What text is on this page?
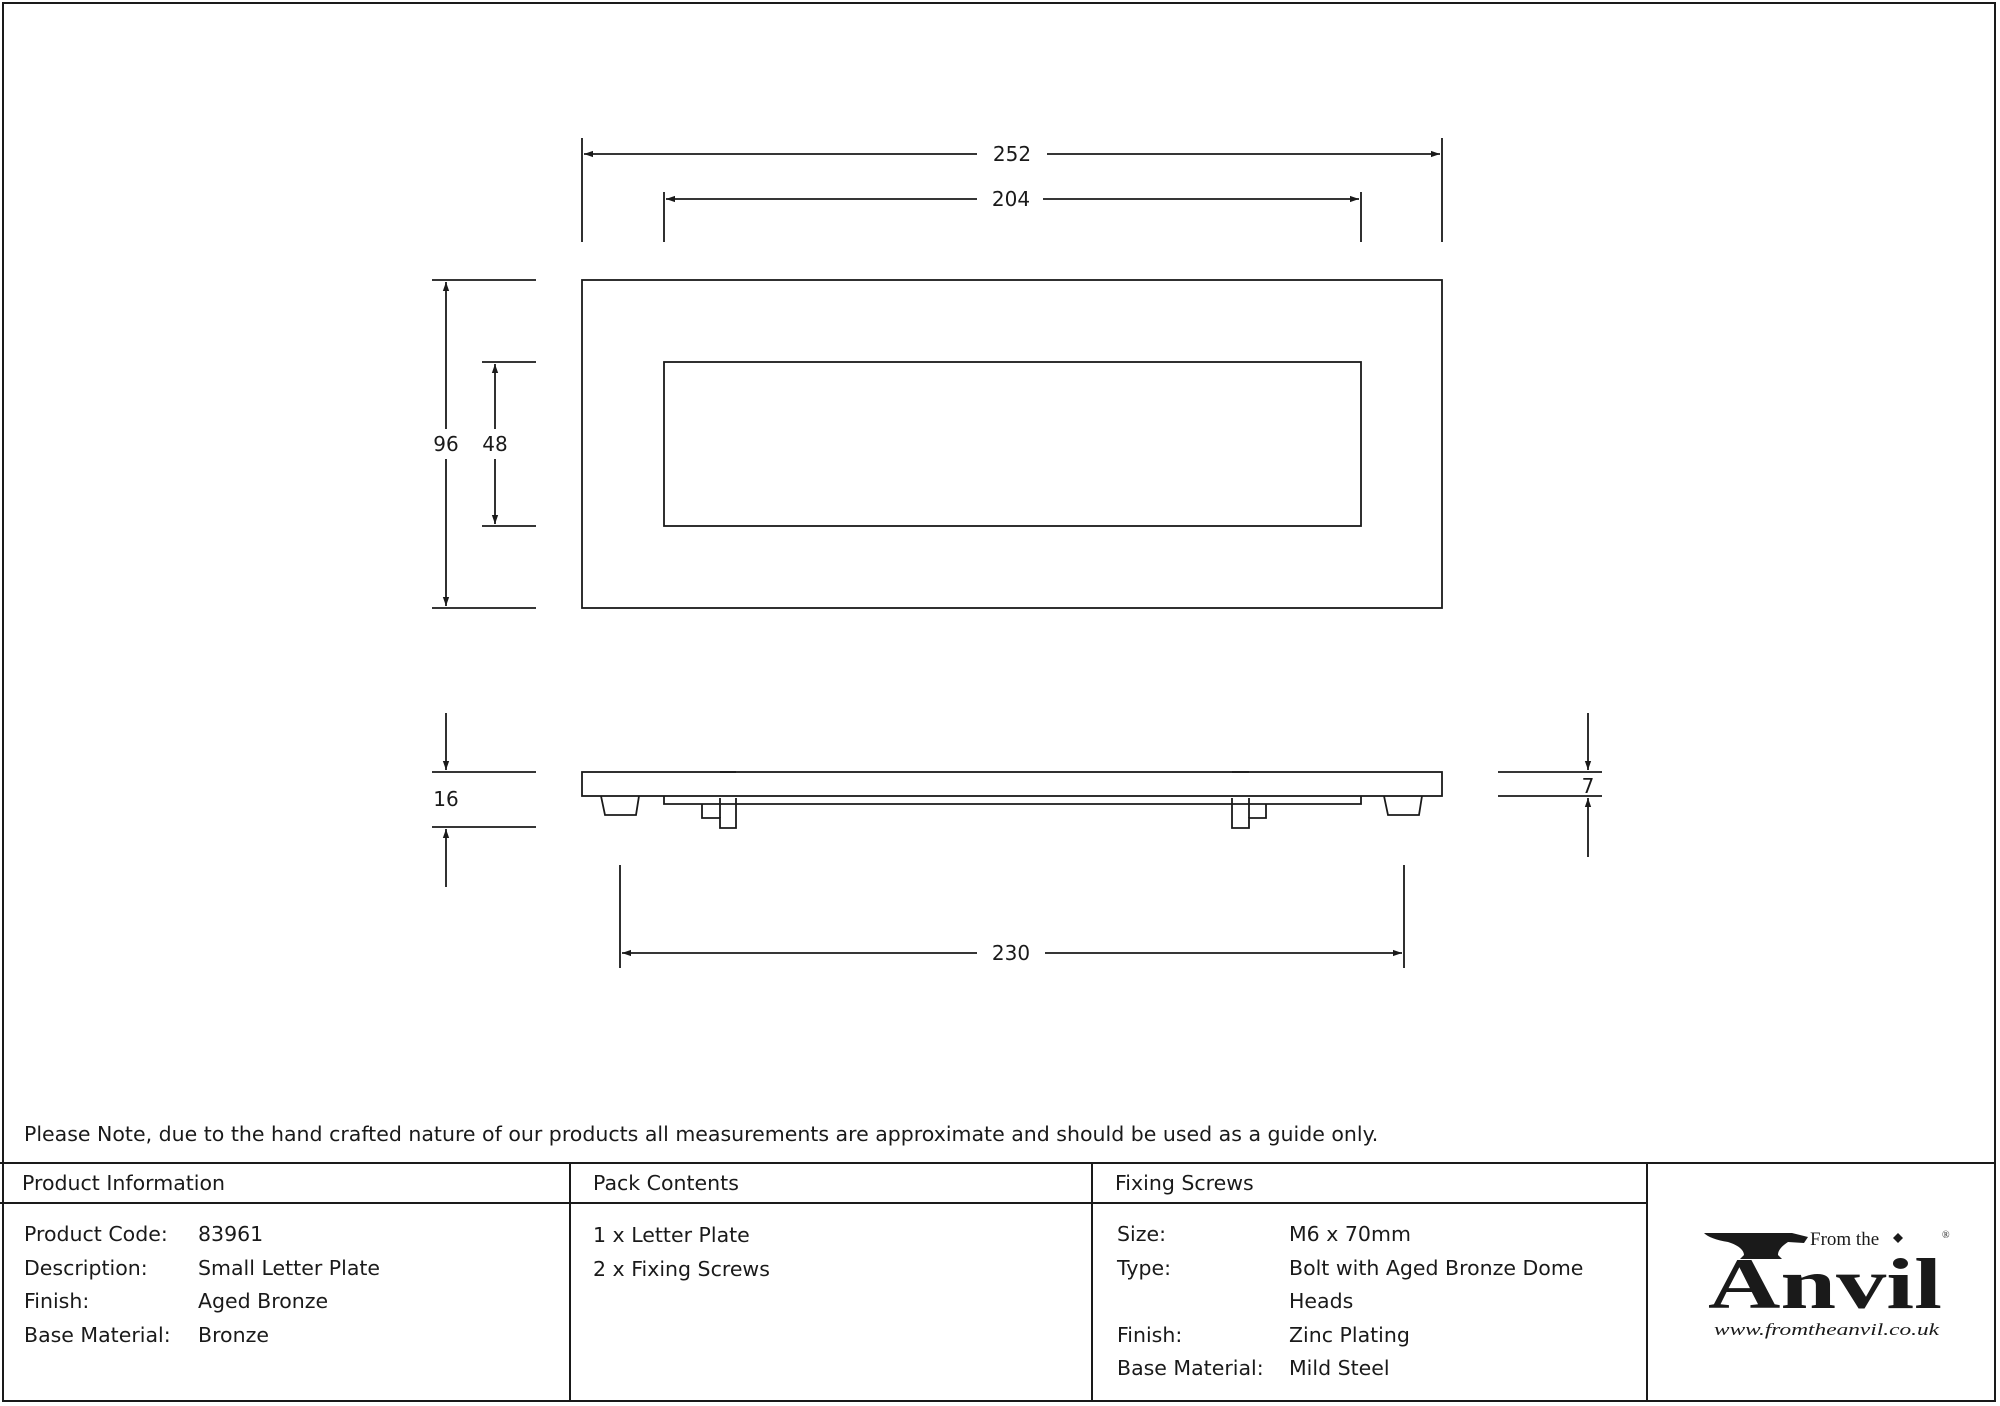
252
204
96 48
16
7
230
Please Note, due to the hand crafted nature of our products all measurements are approximate and should be used as a guide only.
Product Information
Product Code: 83961

Description: Small Letter Plate

Finish:	Aged Bronze

Base Material: Bronze

Pack Contents
1 x Letter Plate
2 x Fixing Screws
Fixing Screws
Size:	M6 x 70mm

Type:	Bolt with Aged Bronze Dome

Heads

Finish:	Zinc Plating

Base Material: Mild Steel

From the	®
Anvil
www.fromtheanvil.co.uk
